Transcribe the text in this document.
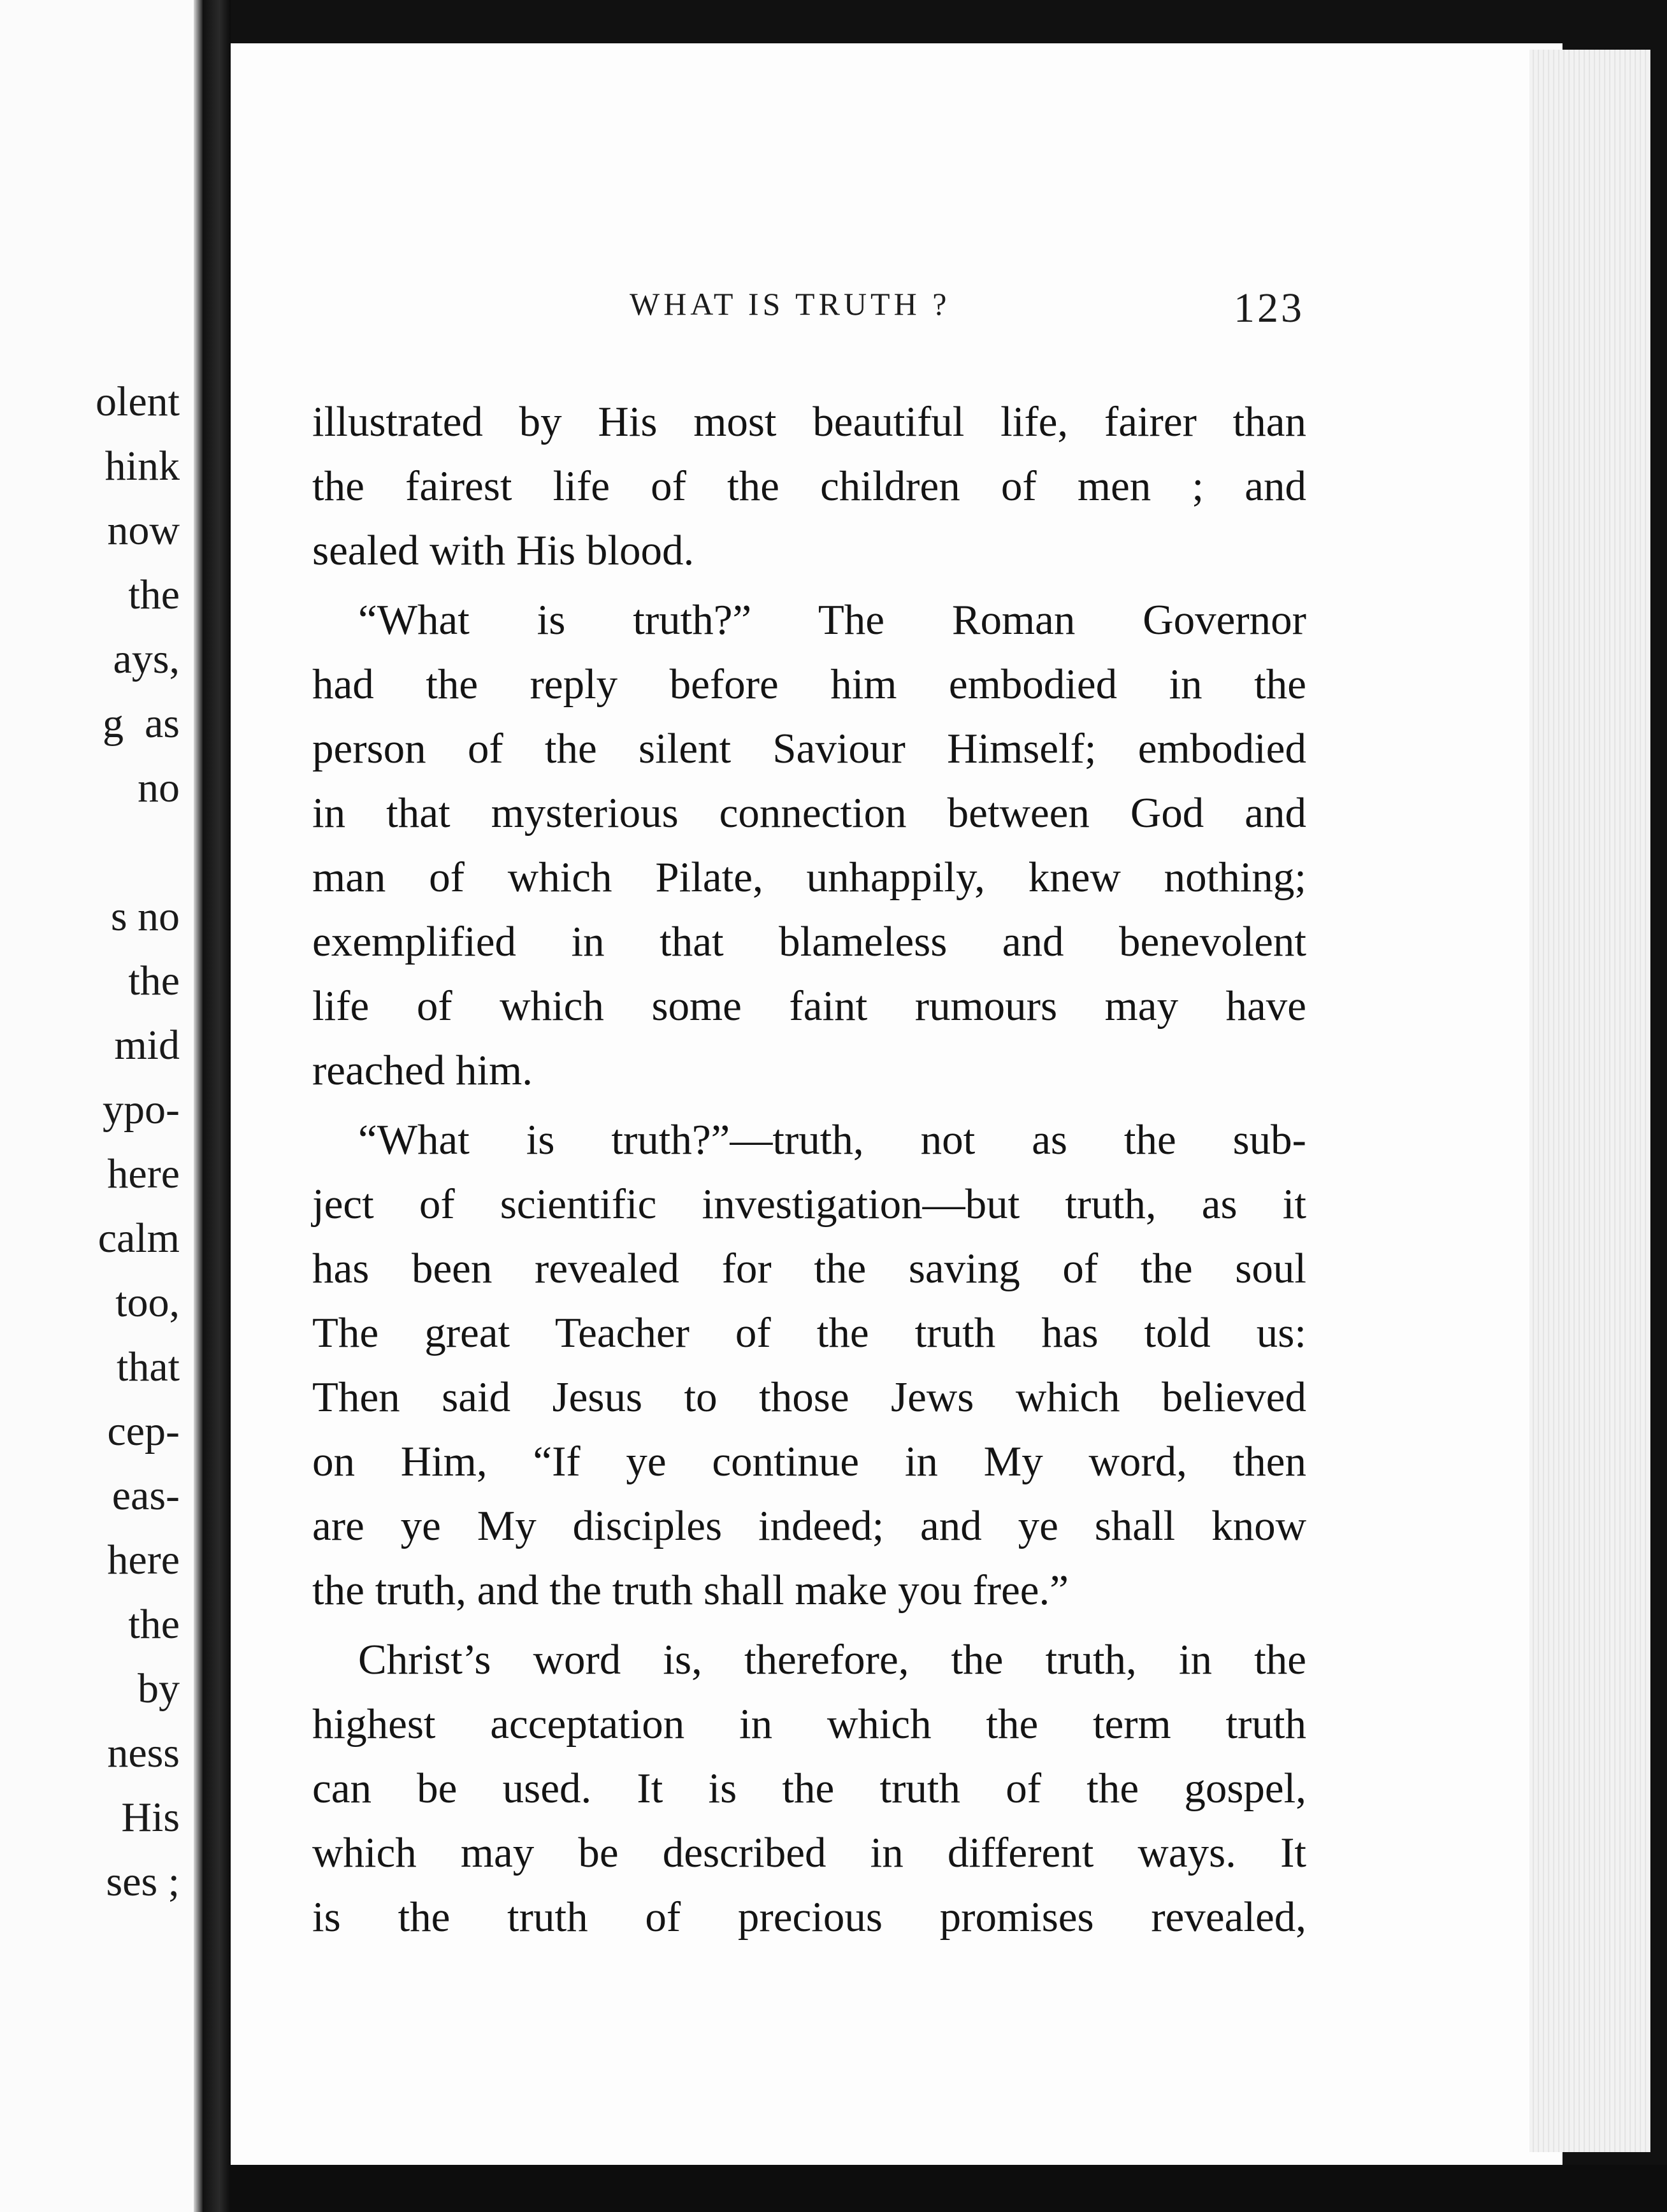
olent
hink
now
the
ays,
g  as
no
s no
the
mid
ypo-
here
calm
too,
that
cep-
eas-
here
the
by
ness
His
ses ;
WHAT IS TRUTH ?	123
illustrated by His most beautiful life, fairer than
the fairest life of the children of men ; and
sealed with His blood.
“What is truth?” The Roman Governor
had the reply before him embodied in the
person of the silent Saviour Himself; embodied
in that mysterious connection between God and
man of which Pilate, unhappily, knew nothing;
exemplified in that blameless and benevolent
life of which some faint rumours may have
reached him.
“What is truth?”—truth, not as the sub-
ject of scientific investigation—but truth, as it
has been revealed for the saving of the soul
The great Teacher of the truth has told us:
Then said Jesus to those Jews which believed
on Him, “If ye continue in My word, then
are ye My disciples indeed; and ye shall know
the truth, and the truth shall make you free.”
Christ’s word is, therefore, the truth, in the
highest acceptation in which the term truth
can be used. It is the truth of the gospel,
which may be described in different ways. It
is the truth of precious promises revealed,
